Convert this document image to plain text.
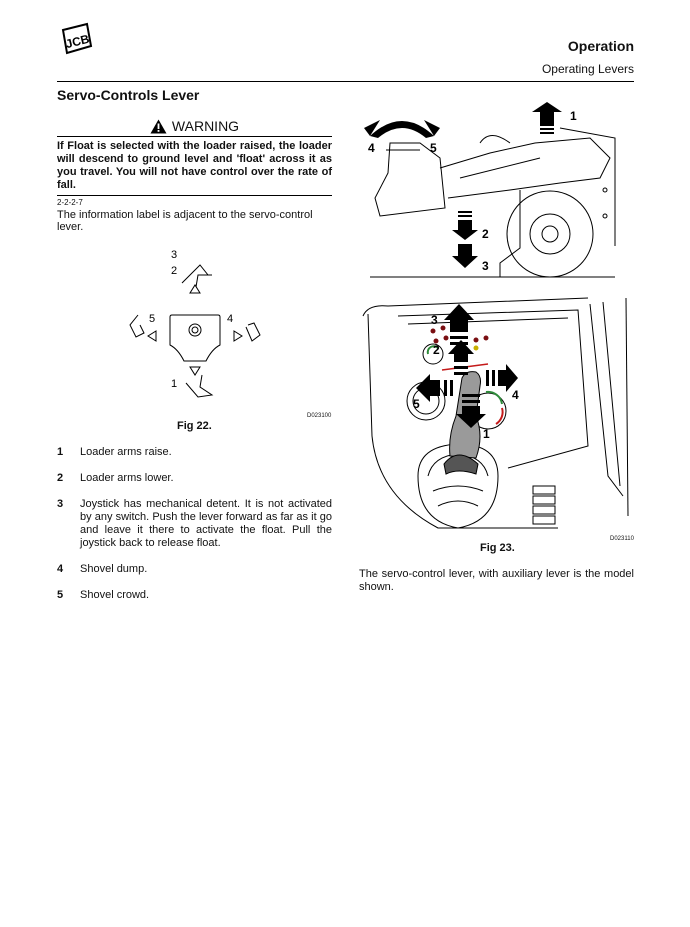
JCB	Operation
Operating Levers
Servo-Controls Lever
WARNING
If Float is selected with the loader raised, the loader will descend to ground level and 'float' across it as you travel. You will not have control over the rate of fall.
2-2-2-7
The information label is adjacent to the servo-control lever.
3
2
5	4
1
D023100
Fig 22.
1	Loader arms raise.
2	Loader arms lower.
3	Joystick has mechanical detent. It is not activated by any switch. Push the lever forward as far as it go and leave it there to activate the float. Pull the joystick back to release float.
4	Shovel dump.
5	Shovel crowd.
1
2
3
4	5
3
2
5
4
1
D023110
Fig 23.
The servo-control lever, with auxiliary lever is the model shown.
